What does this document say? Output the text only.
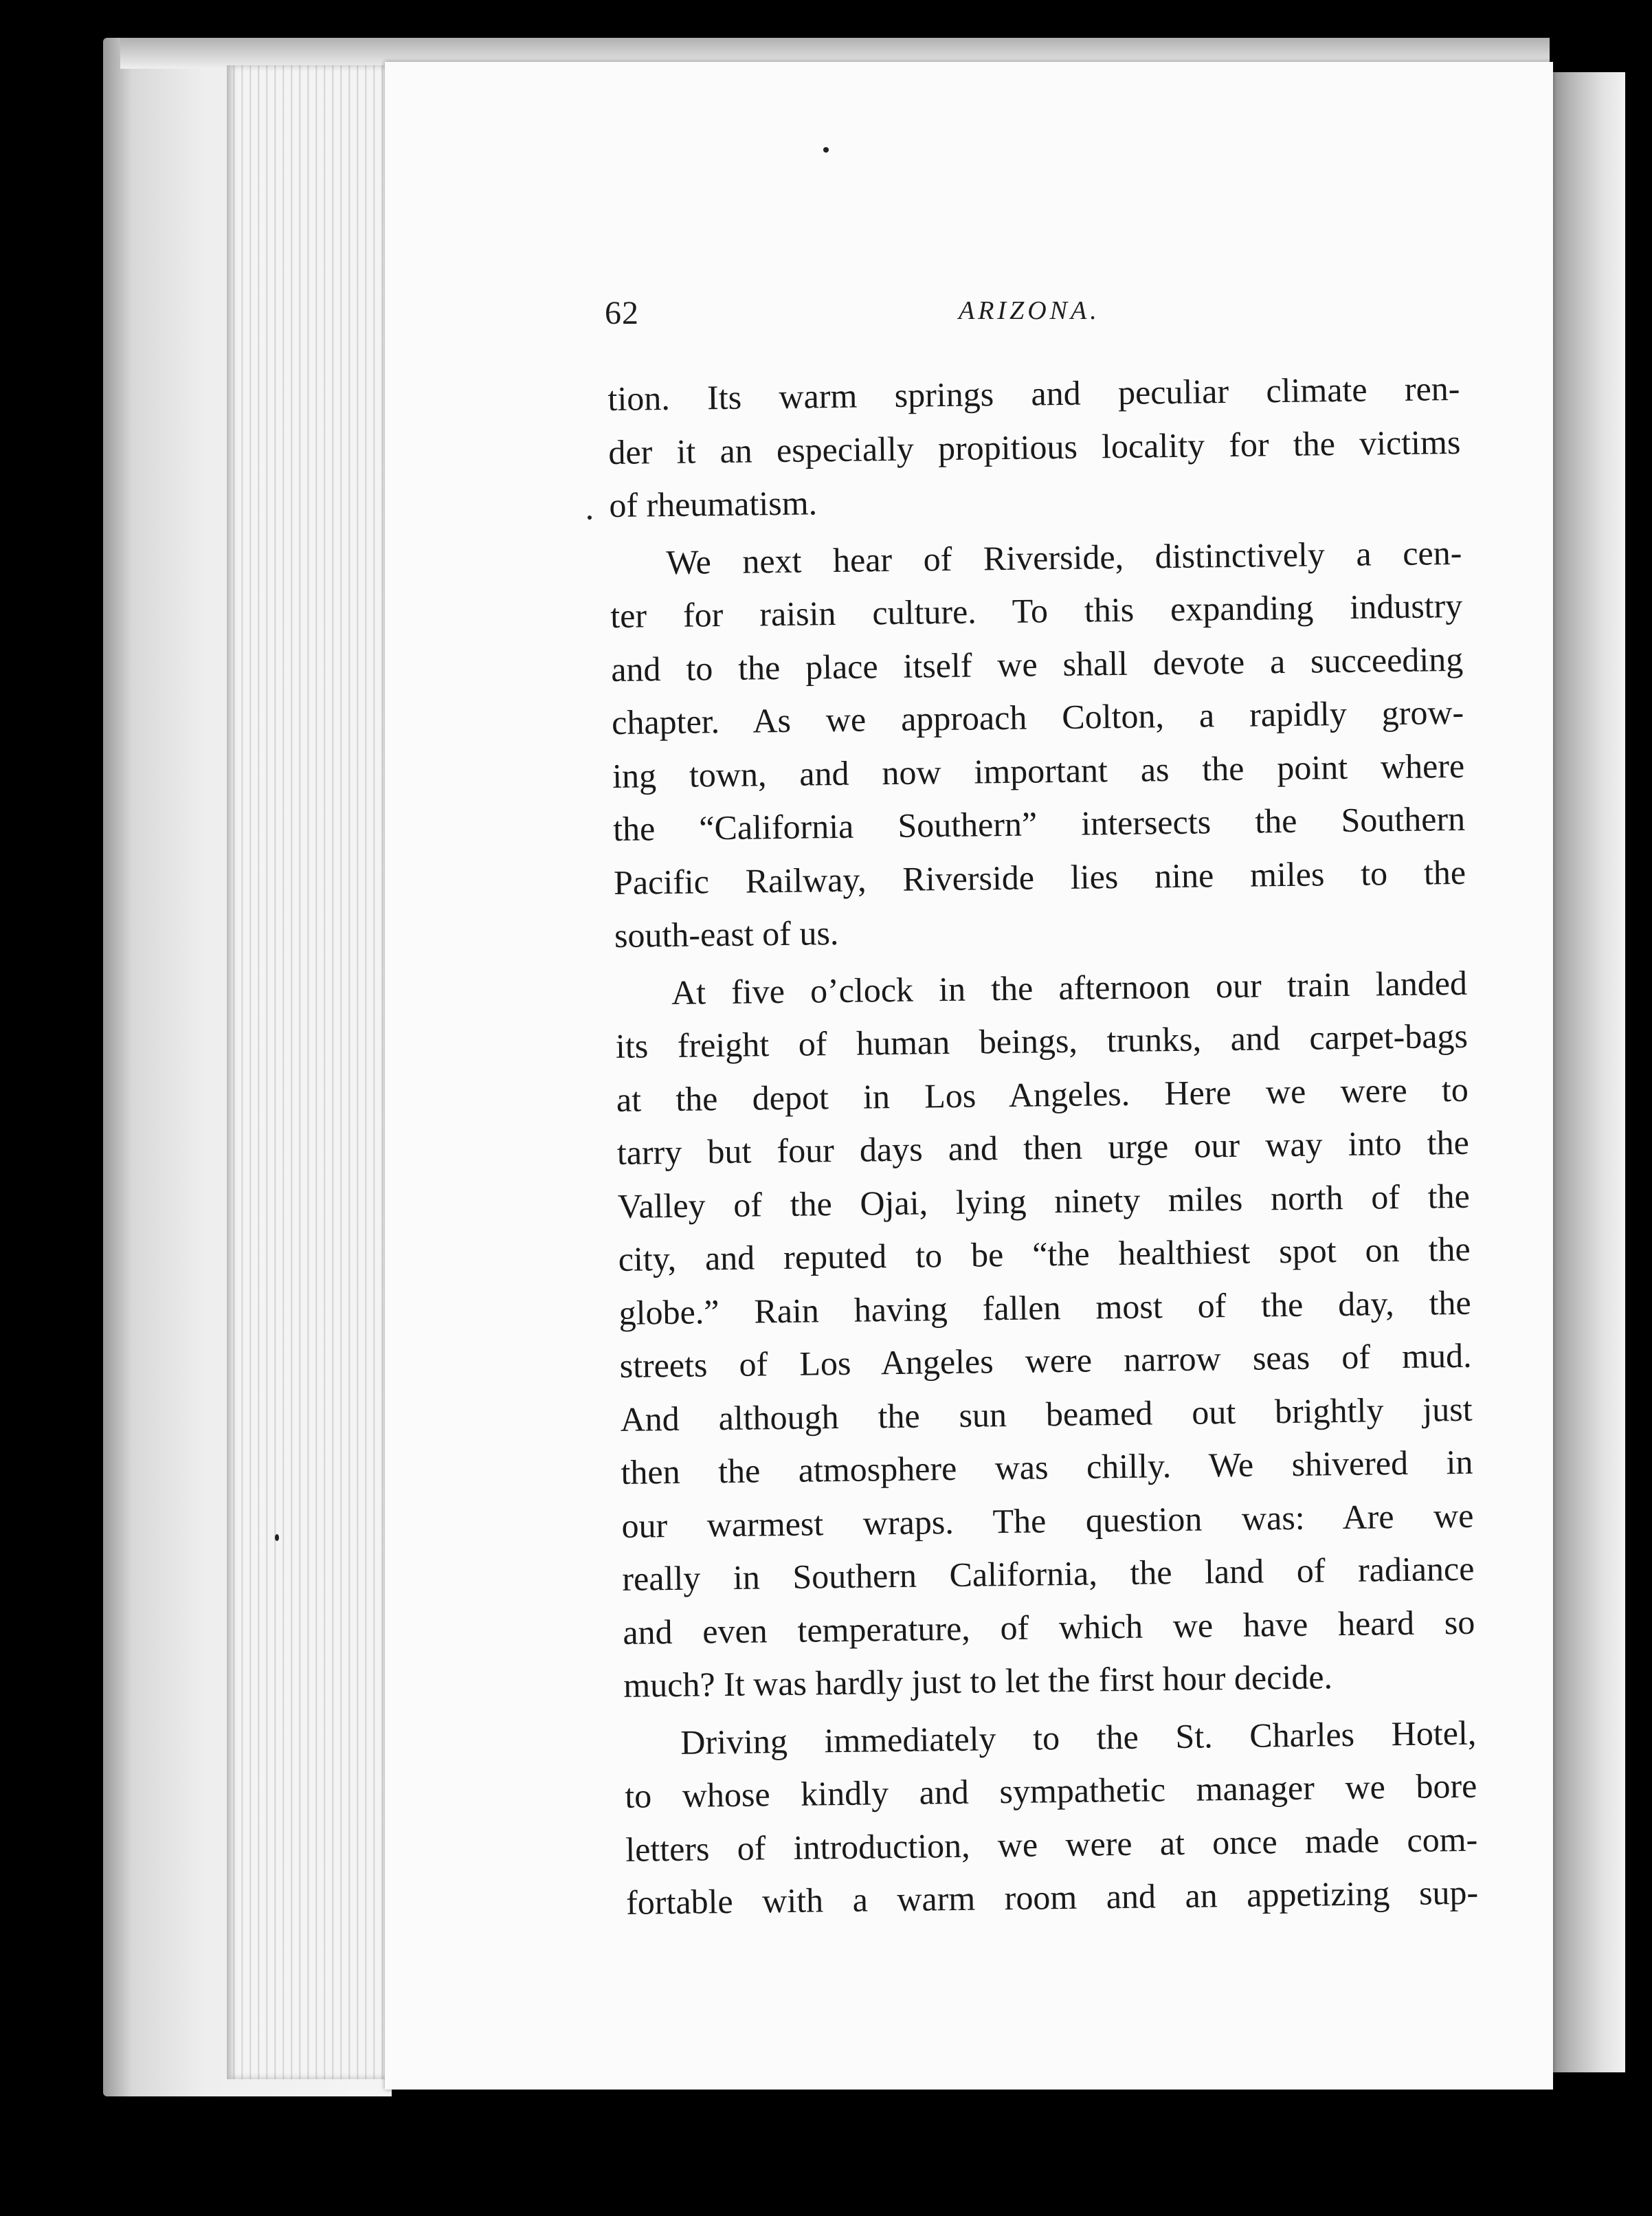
62	ARIZONA.
tion. Its warm springs and peculiar climate ren-
der it an especially propitious locality for the victims
of rheumatism.
We next hear of Riverside, distinctively a cen-
ter for raisin culture. To this expanding industry
and to the place itself we shall devote a succeeding
chapter. As we approach Colton, a rapidly grow-
ing town, and now important as the point where
the “California Southern” intersects the Southern
Pacific Railway, Riverside lies nine miles to the
south-east of us.
At five o’clock in the afternoon our train landed
its freight of human beings, trunks, and carpet-bags
at the depot in Los Angeles. Here we were to
tarry but four days and then urge our way into the
Valley of the Ojai, lying ninety miles north of the
city, and reputed to be “the healthiest spot on the
globe.” Rain having fallen most of the day, the
streets of Los Angeles were narrow seas of mud.
And although the sun beamed out brightly just
then the atmosphere was chilly. We shivered in
our warmest wraps. The question was: Are we
really in Southern California, the land of radiance
and even temperature, of which we have heard so
much? It was hardly just to let the first hour decide.
Driving immediately to the St. Charles Hotel,
to whose kindly and sympathetic manager we bore
letters of introduction, we were at once made com-
fortable with a warm room and an appetizing sup-
